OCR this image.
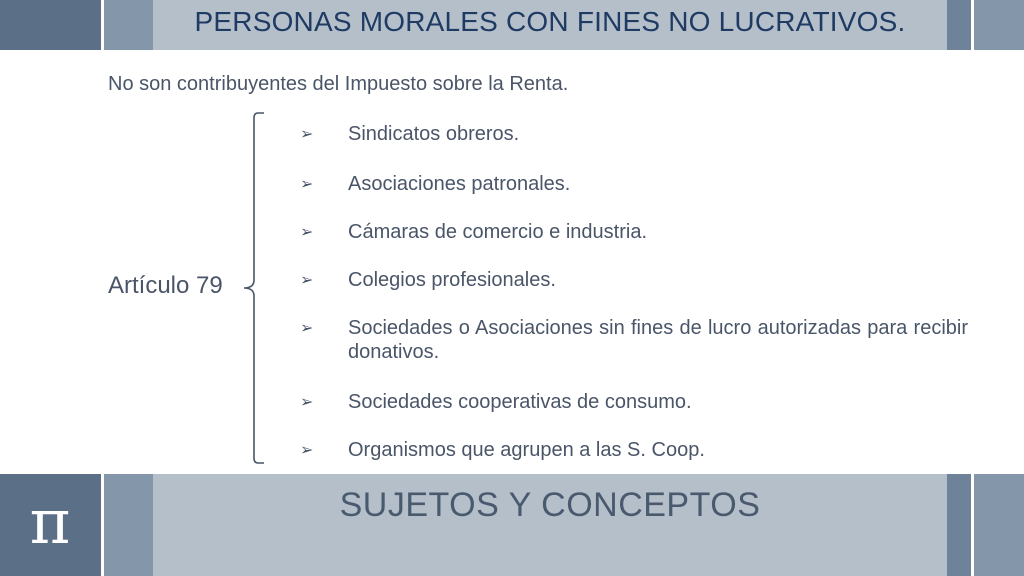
PERSONAS MORALES CON FINES NO LUCRATIVOS.
No son contribuyentes del Impuesto sobre la Renta.
Artículo 79
➢	Sindicatos obreros.
➢	Asociaciones patronales.
➢	Cámaras de comercio e industria.
➢	Colegios profesionales.
➢	Sociedades o Asociaciones sin fines de lucro autorizadas para recibir donativos.
➢	Sociedades cooperativas de consumo.
➢	Organismos que agrupen a las S. Coop.
π	SUJETOS Y CONCEPTOS
